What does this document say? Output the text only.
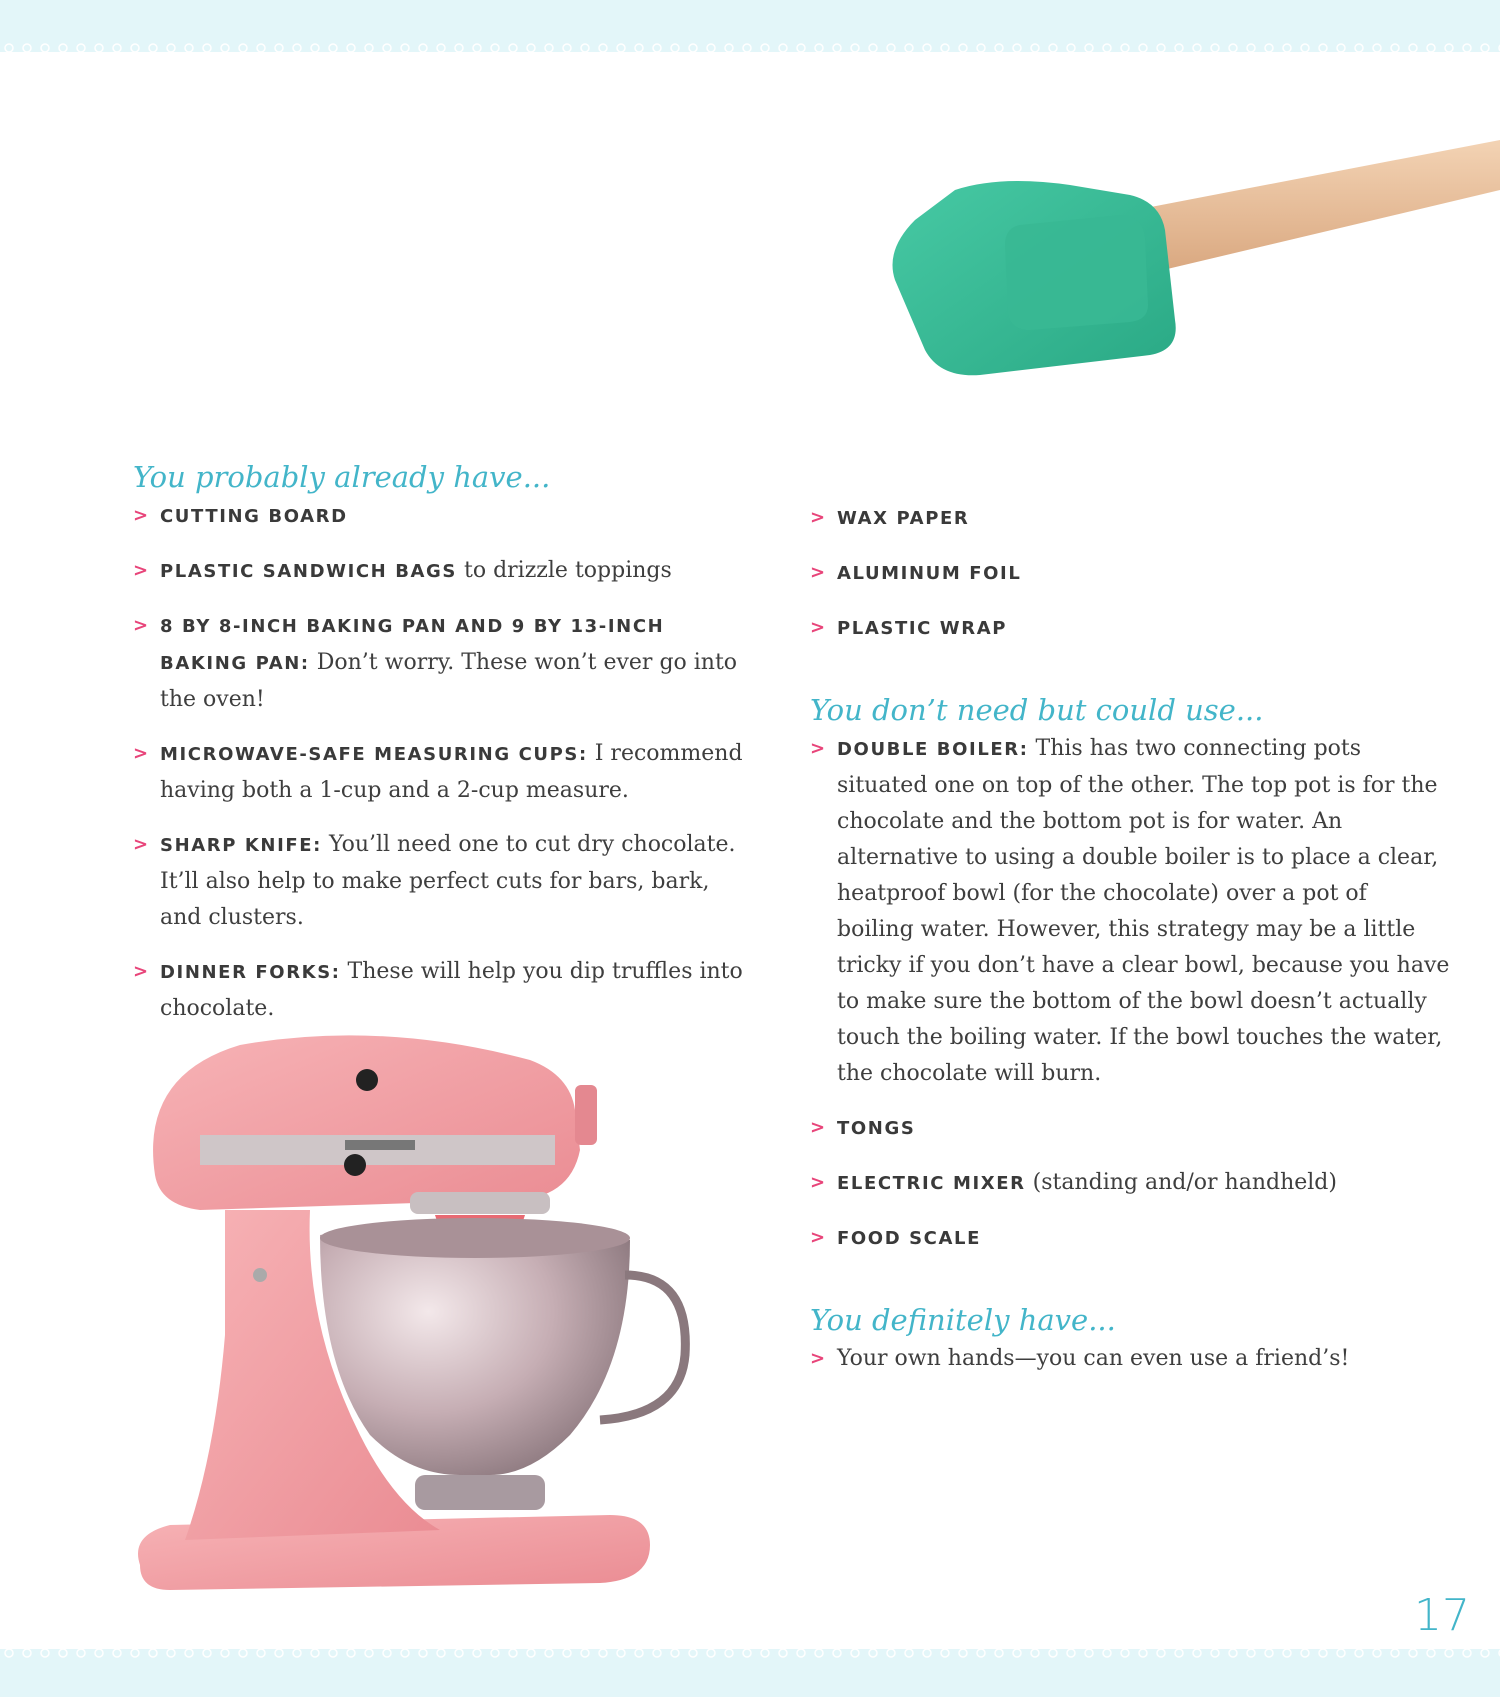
You probably already have...
> CUTTING BOARD
> PLASTIC SANDWICH BAGS to drizzle toppings
> 8 BY 8-INCH BAKING PAN AND 9 BY 13-INCH BAKING PAN: Don’t worry. These won’t ever go into the oven!
> MICROWAVE-SAFE MEASURING CUPS: I recommend having both a 1-cup and a 2-cup measure.
> SHARP KNIFE: You’ll need one to cut dry chocolate. It’ll also help to make perfect cuts for bars, bark, and clusters.
> DINNER FORKS: These will help you dip truffles into chocolate.
> WAX PAPER
> ALUMINUM FOIL
> PLASTIC WRAP
You don’t need but could use...
> DOUBLE BOILER: This has two connecting pots situated one on top of the other. The top pot is for the chocolate and the bottom pot is for water. An alternative to using a double boiler is to place a clear, heatproof bowl (for the chocolate) over a pot of boiling water. However, this strategy may be a little tricky if you don’t have a clear bowl, because you have to make sure the bottom of the bowl doesn’t actually touch the boiling water. If the bowl touches the water, the chocolate will burn.
> TONGS
> ELECTRIC MIXER (standing and/or handheld)
> FOOD SCALE
You definitely have...
> Your own hands—you can even use a friend’s!
17
